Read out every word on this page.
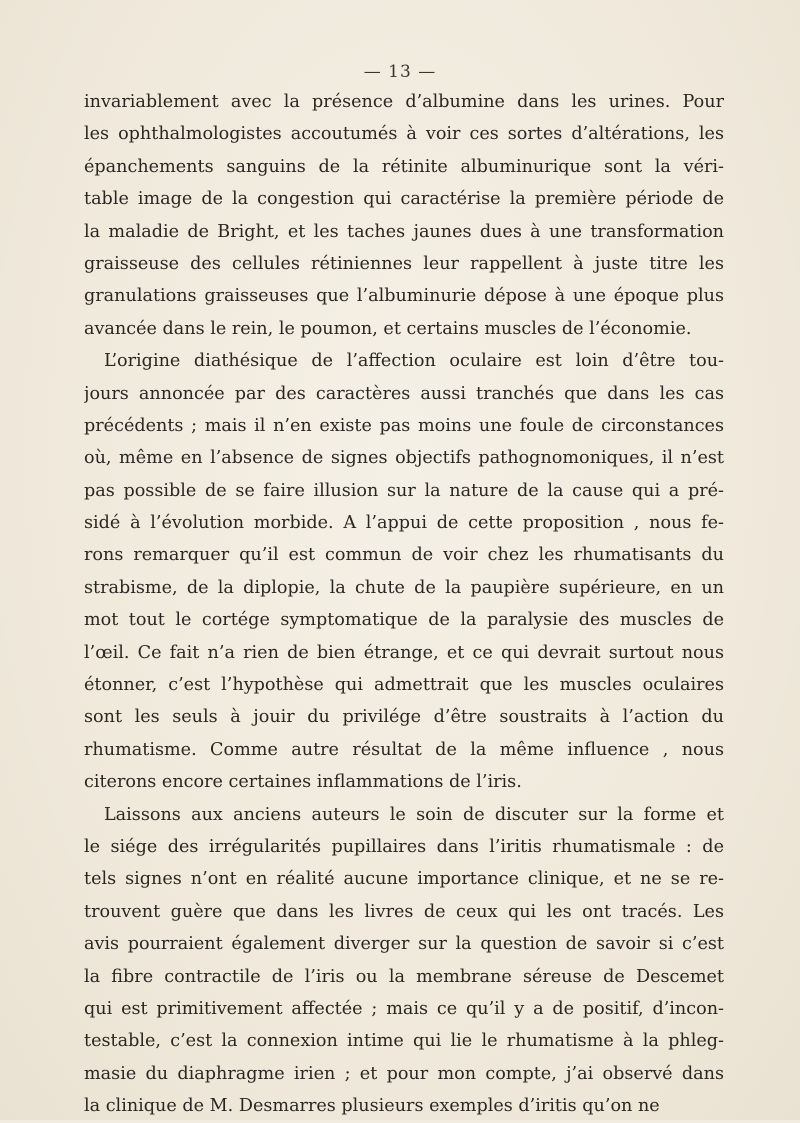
— 13 —
invariablement avec la présence d’albumine dans les urines. Pour
les ophthalmologistes accoutumés à voir ces sortes d’altérations, les
épanchements sanguins de la rétinite albuminurique sont la véri-
table image de la congestion qui caractérise la première période de
la maladie de Bright, et les taches jaunes dues à une transformation
graisseuse des cellules rétiniennes leur rappellent à juste titre les
granulations graisseuses que l’albuminurie dépose à une époque plus
avancée dans le rein, le poumon, et certains muscles de l’économie.
L’origine diathésique de l’affection oculaire est loin d’être tou-
jours annoncée par des caractères aussi tranchés que dans les cas
précédents ; mais il n’en existe pas moins une foule de circonstances
où, même en l’absence de signes objectifs pathognomoniques, il n’est
pas possible de se faire illusion sur la nature de la cause qui a pré-
sidé à l’évolution morbide. A l’appui de cette proposition , nous fe-
rons remarquer qu’il est commun de voir chez les rhumatisants du
strabisme, de la diplopie, la chute de la paupière supérieure, en un
mot tout le cortége symptomatique de la paralysie des muscles de
l’œil. Ce fait n’a rien de bien étrange, et ce qui devrait surtout nous
étonner, c’est l’hypothèse qui admettrait que les muscles oculaires
sont les seuls à jouir du privilége d’être soustraits à l’action du
rhumatisme. Comme autre résultat de la même influence , nous
citerons encore certaines inflammations de l’iris.
Laissons aux anciens auteurs le soin de discuter sur la forme et
le siége des irrégularités pupillaires dans l’iritis rhumatismale : de
tels signes n’ont en réalité aucune importance clinique, et ne se re-
trouvent guère que dans les livres de ceux qui les ont tracés. Les
avis pourraient également diverger sur la question de savoir si c’est
la fibre contractile de l’iris ou la membrane séreuse de Descemet
qui est primitivement affectée ; mais ce qu’il y a de positif, d’incon-
testable, c’est la connexion intime qui lie le rhumatisme à la phleg-
masie du diaphragme irien ; et pour mon compte, j’ai observé dans
la clinique de M. Desmarres plusieurs exemples d’iritis qu’on ne
